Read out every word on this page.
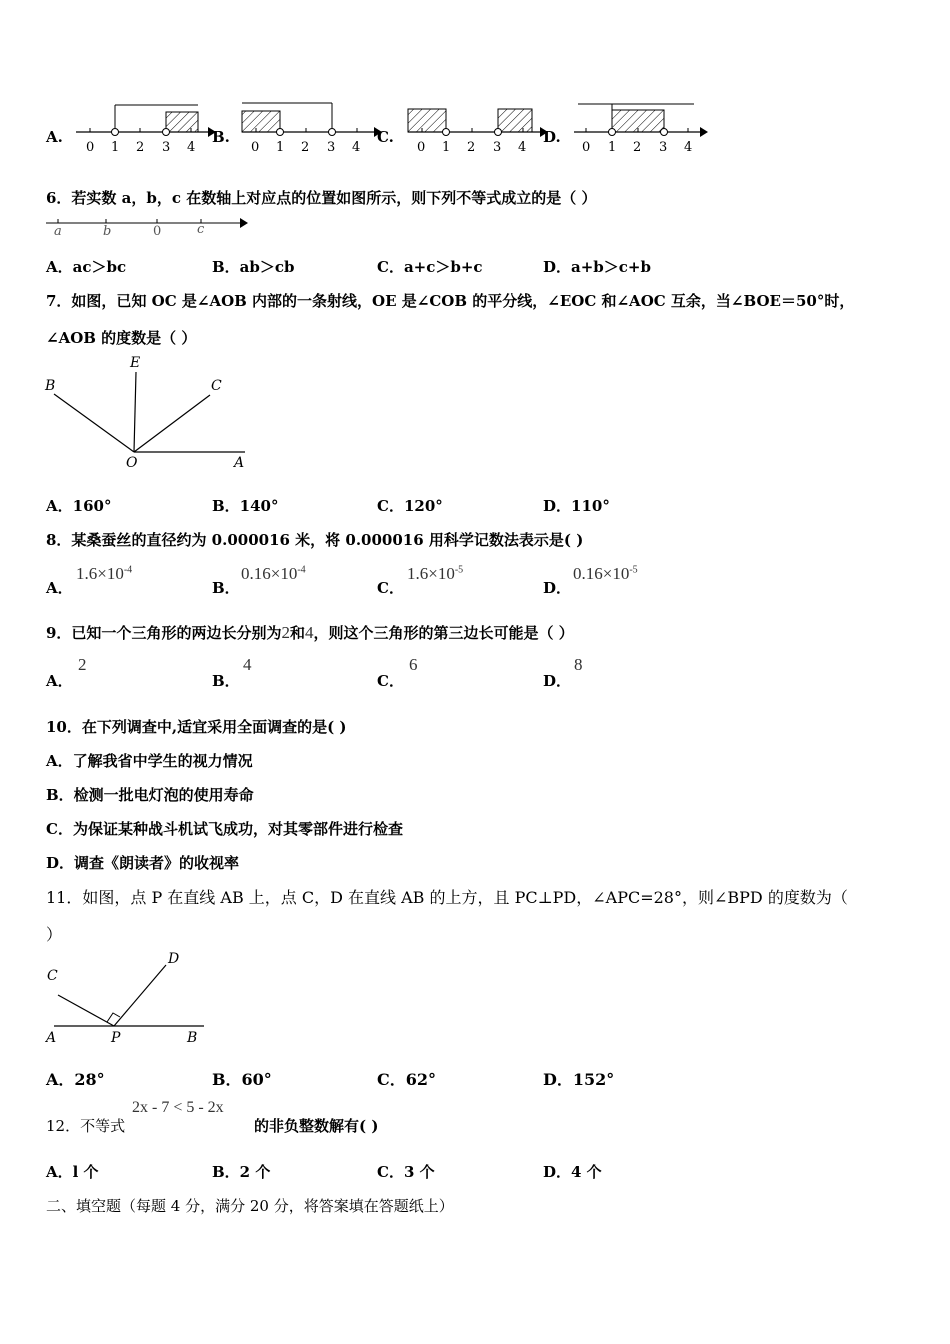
A.
0 1 2 3 4
B.
0 1 2 3 4
C.
0 1 2 3 4
D.
0 1 2 3 4
6．若实数 a，b，c 在数轴上对应点的位置如图所示，则下列不等式成立的是（ ）
a	b	0	c
A．ac＞bc	B．ab＞cb	C．a+c＞b+c	D．a+b＞c+b
7．如图，已知 OC 是∠AOB 内部的一条射线，OE 是∠COB 的平分线，∠EOC 和∠AOC 互余，当∠BOE＝50°时，
∠AOB 的度数是（ ）
B
E
C
O	A
A．160°	B．140°	C．120°	D．110°
8．某桑蚕丝的直径约为 0.000016 米，将 0.000016 用科学记数法表示是( )
A．
$1.6\times 10^{-4}$
B．
$0.16\times 10^{-4}$
C．
$1.6\times 10^{-5}$
D．
$0.16\times 10^{-5}$
9．已知一个三角形的两边长分别为2和4，则这个三角形的第三边长可能是（ ）
A．
2
B．
4
C．
6
D．
8
10．在下列调查中,适宜采用全面调查的是( )
A．了解我省中学生的视力情况
B．检测一批电灯泡的使用寿命
C．为保证某种战斗机试飞成功，对其零部件进行检查
D．调查《朗读者》的收视率
11．如图，点 P 在直线 AB 上，点 C，D 在直线 AB 的上方，且 PC⊥PD，∠APC=28°，则∠BPD 的度数为（
）
C
D
A	P	B
A．28°	B．60°	C．62°	D．152°
12．不等式
2x - 7 < 5 - 2x
的非负整数解有( )
A．l 个	B．2 个	C．3 个	D．4 个
二、填空题（每题 4 分，满分 20 分，将答案填在答题纸上）
